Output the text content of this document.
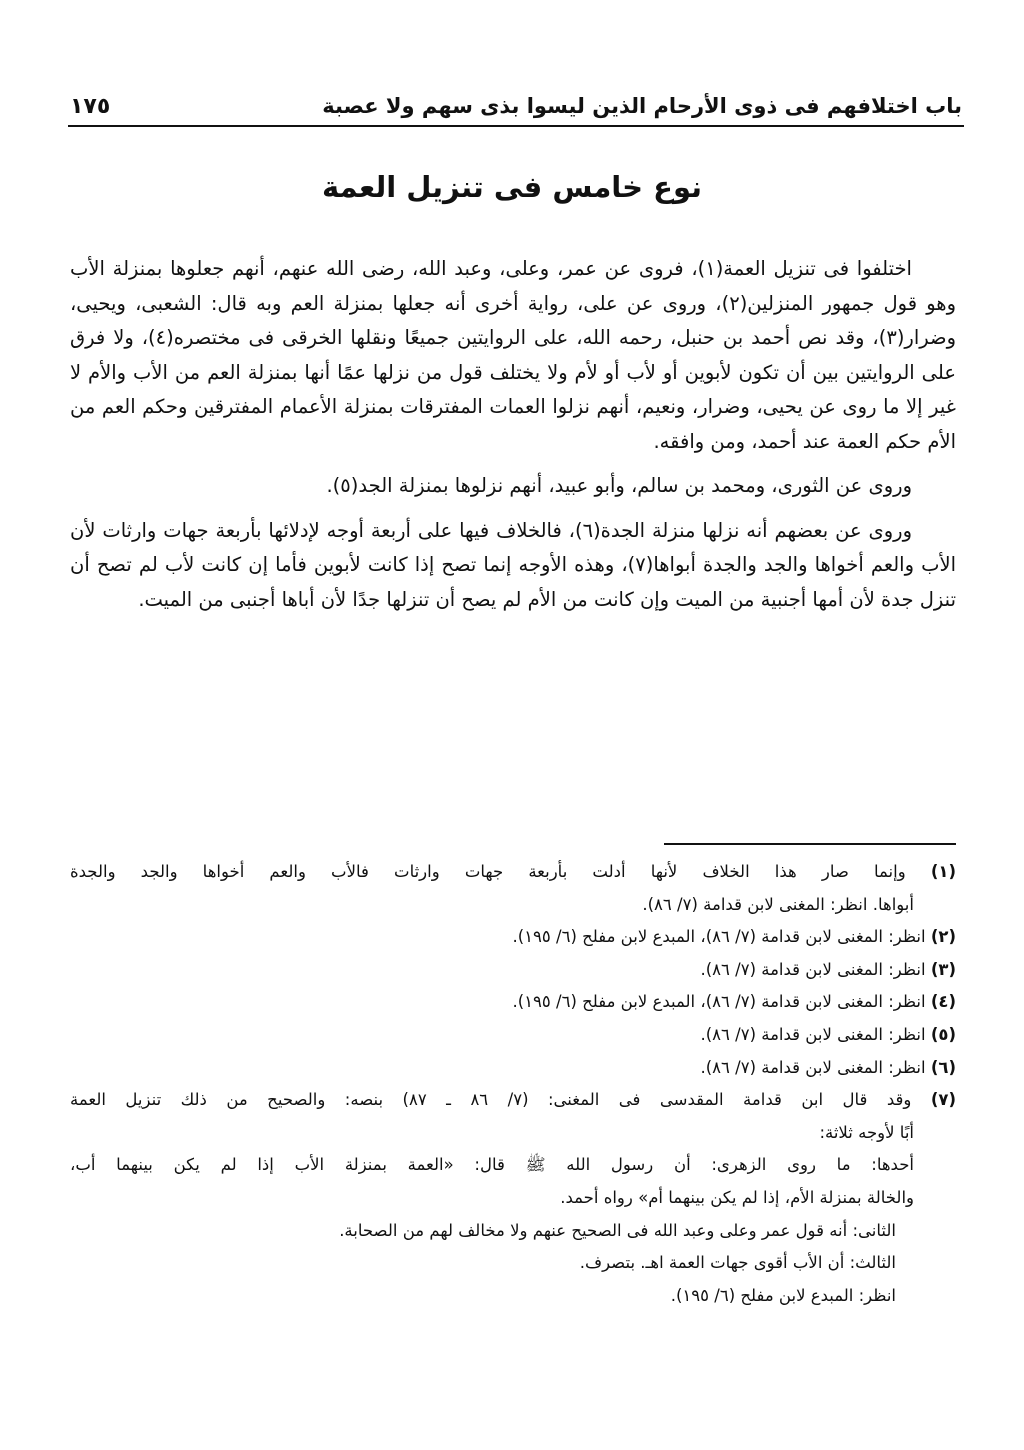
باب اختلافهم فى ذوى الأرحام الذين ليسوا بذى سهم ولا عصبة
١٧٥
نوع خامس فى تنزيل العمة

اختلفوا فى تنزيل العمة(١)، فروى عن عمر، وعلى، وعبد الله، رضى الله عنهم، أنهم جعلوها بمنزلة الأب وهو قول جمهور المنزلين(٢)، وروى عن على، رواية أخرى أنه جعلها بمنزلة العم وبه قال: الشعبى، ويحيى، وضرار(٣)، وقد نص أحمد بن حنبل، رحمه الله، على الروايتين جميعًا ونقلها الخرقى فى مختصره(٤)، ولا فرق على الروايتين بين أن تكون لأبوين أو لأب أو لأم ولا يختلف قول من نزلها عمًا أنها بمنزلة العم من الأب والأم لا غير إلا ما روى عن يحيى، وضرار، ونعيم، أنهم نزلوا العمات المفترقات بمنزلة الأعمام المفترقين وحكم العم من الأم حكم العمة عند أحمد، ومن وافقه.

وروى عن الثورى، ومحمد بن سالم، وأبو عبيد، أنهم نزلوها بمنزلة الجد(٥).

وروى عن بعضهم أنه نزلها منزلة الجدة(٦)، فالخلاف فيها على أربعة أوجه لإدلائها بأربعة جهات وارثات لأن الأب والعم أخواها والجد والجدة أبواها(٧)، وهذه الأوجه إنما تصح إذا كانت لأبوين فأما إن كانت لأب لم تصح أن تنزل جدة لأن أمها أجنبية من الميت وإن كانت من الأم لم يصح أن تنزلها جدًا لأن أباها أجنبى من الميت.

(١) وإنما صار هذا الخلاف لأنها أدلت بأربعة جهات وارثات فالأب والعم أخواها والجد والجدة
أبواها. انظر: المغنى لابن قدامة (٧/ ٨٦).
(٢) انظر: المغنى لابن قدامة (٧/ ٨٦)، المبدع لابن مفلح (٦/ ١٩٥).
(٣) انظر: المغنى لابن قدامة (٧/ ٨٦).
(٤) انظر: المغنى لابن قدامة (٧/ ٨٦)، المبدع لابن مفلح (٦/ ١٩٥).
(٥) انظر: المغنى لابن قدامة (٧/ ٨٦).
(٦) انظر: المغنى لابن قدامة (٧/ ٨٦).
(٧) وقد قال ابن قدامة المقدسى فى المغنى: (٧/ ٨٦ ـ ٨٧) بنصه: والصحيح من ذلك تنزيل العمة
أبًا لأوجه ثلاثة:
أحدها: ما روى الزهرى: أن رسول الله ﷺ قال: «العمة بمنزلة الأب إذا لم يكن بينهما أب،
والخالة بمنزلة الأم، إذا لم يكن بينهما أم» رواه أحمد.
الثانى: أنه قول عمر وعلى وعبد الله فى الصحيح عنهم ولا مخالف لهم من الصحابة.
الثالث: أن الأب أقوى جهات العمة اهـ. بتصرف.
انظر: المبدع لابن مفلح (٦/ ١٩٥).
